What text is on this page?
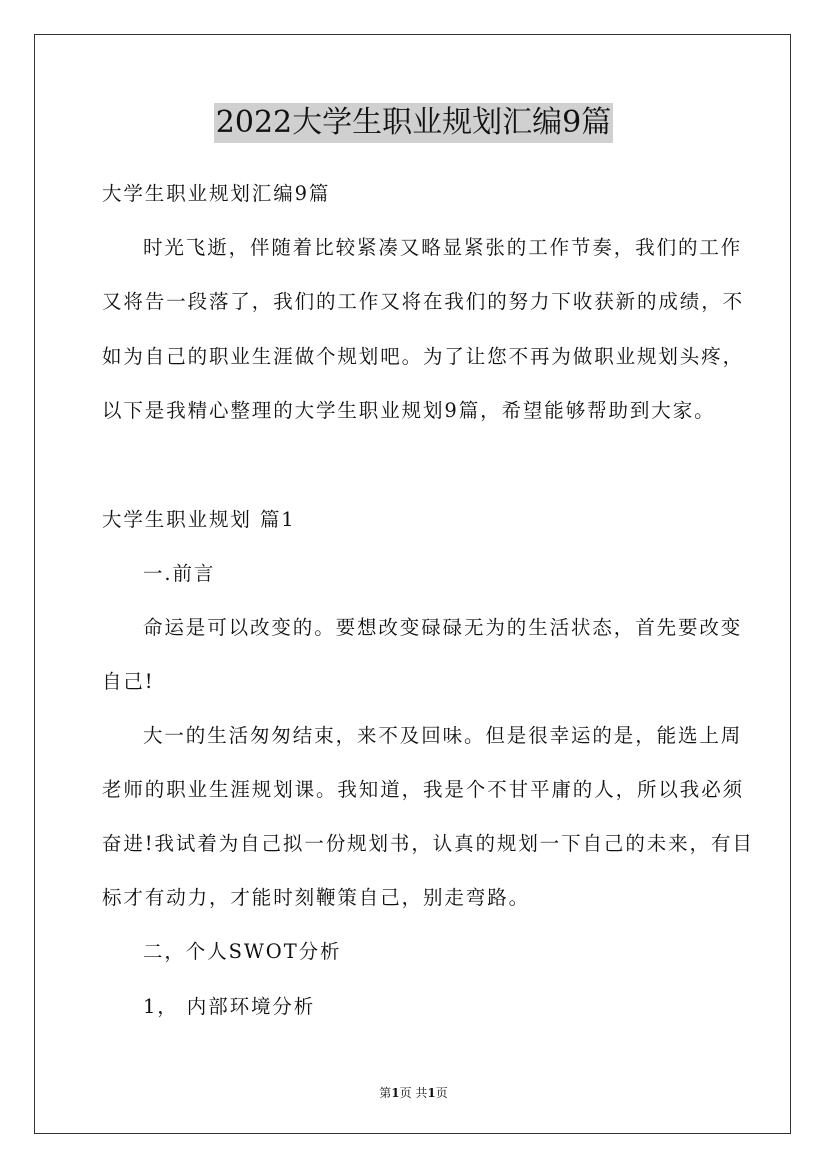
2022大学生职业规划汇编9篇
大学生职业规划汇编9篇
时光飞逝，伴随着比较紧凑又略显紧张的工作节奏，我们的工作
又将告一段落了，我们的工作又将在我们的努力下收获新的成绩，不
如为自己的职业生涯做个规划吧。为了让您不再为做职业规划头疼，
以下是我精心整理的大学生职业规划9篇，希望能够帮助到大家。
大学生职业规划 篇1
一.前言
命运是可以改变的。要想改变碌碌无为的生活状态，首先要改变
自己!
大一的生活匆匆结束，来不及回味。但是很幸运的是，能选上周
老师的职业生涯规划课。我知道，我是个不甘平庸的人，所以我必须
奋进!我试着为自己拟一份规划书，认真的规划一下自己的未来，有目
标才有动力，才能时刻鞭策自己，别走弯路。
二，个人SWOT分析
1， 内部环境分析
第1页 共1页
